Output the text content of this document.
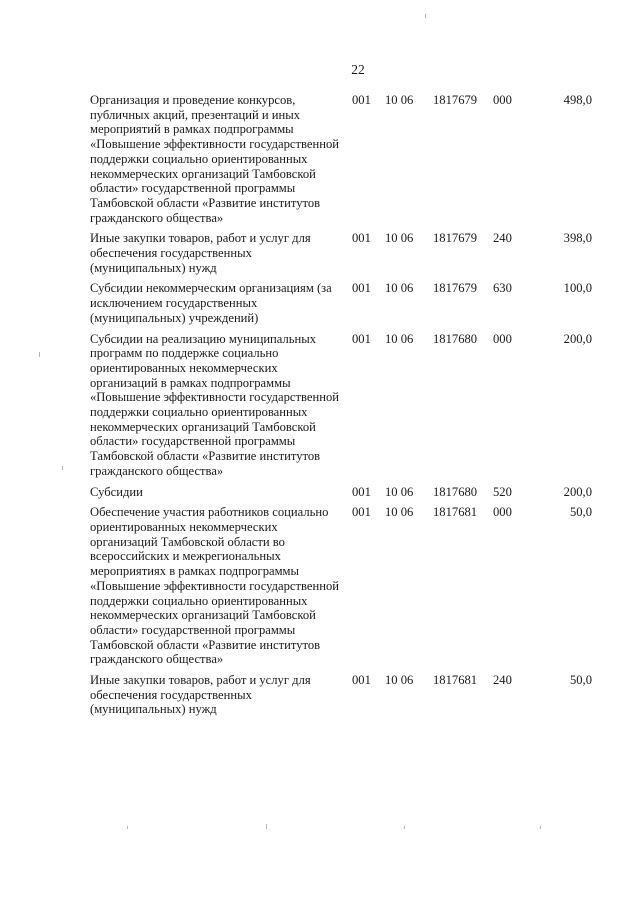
22
Организация и проведение конкурсов, публичных акций, презентаций и иных мероприятий в рамках подпрограммы «Повышение эффективности государственной поддержки социально ориентированных некоммерческих организаций Тамбовской области» государственной программы Тамбовской области «Развитие институтов гражданского общества»	001	10 06	1817679	000	498,0
Иные закупки товаров, работ и услуг для обеспечения государственных (муниципальных) нужд	001	10 06	1817679	240	398,0
Субсидии некоммерческим организациям (за исключением государственных (муниципальных) учреждений)	001	10 06	1817679	630	100,0
Субсидии на реализацию муниципальных программ по поддержке социально ориентированных некоммерческих организаций в рамках подпрограммы «Повышение эффективности государственной поддержки социально ориентированных некоммерческих организаций Тамбовской области» государственной программы Тамбовской области «Развитие институтов гражданского общества»	001	10 06	1817680	000	200,0
Субсидии	001	10 06	1817680	520	200,0
Обеспечение участия работников социально ориентированных некоммерческих организаций Тамбовской области во всероссийских и межрегиональных мероприятиях в рамках подпрограммы «Повышение эффективности государственной поддержки социально ориентированных некоммерческих организаций Тамбовской области» государственной программы Тамбовской области «Развитие институтов гражданского общества»	001	10 06	1817681	000	50,0
Иные закупки товаров, работ и услуг для обеспечения государственных (муниципальных) нужд	001	10 06	1817681	240	50,0
